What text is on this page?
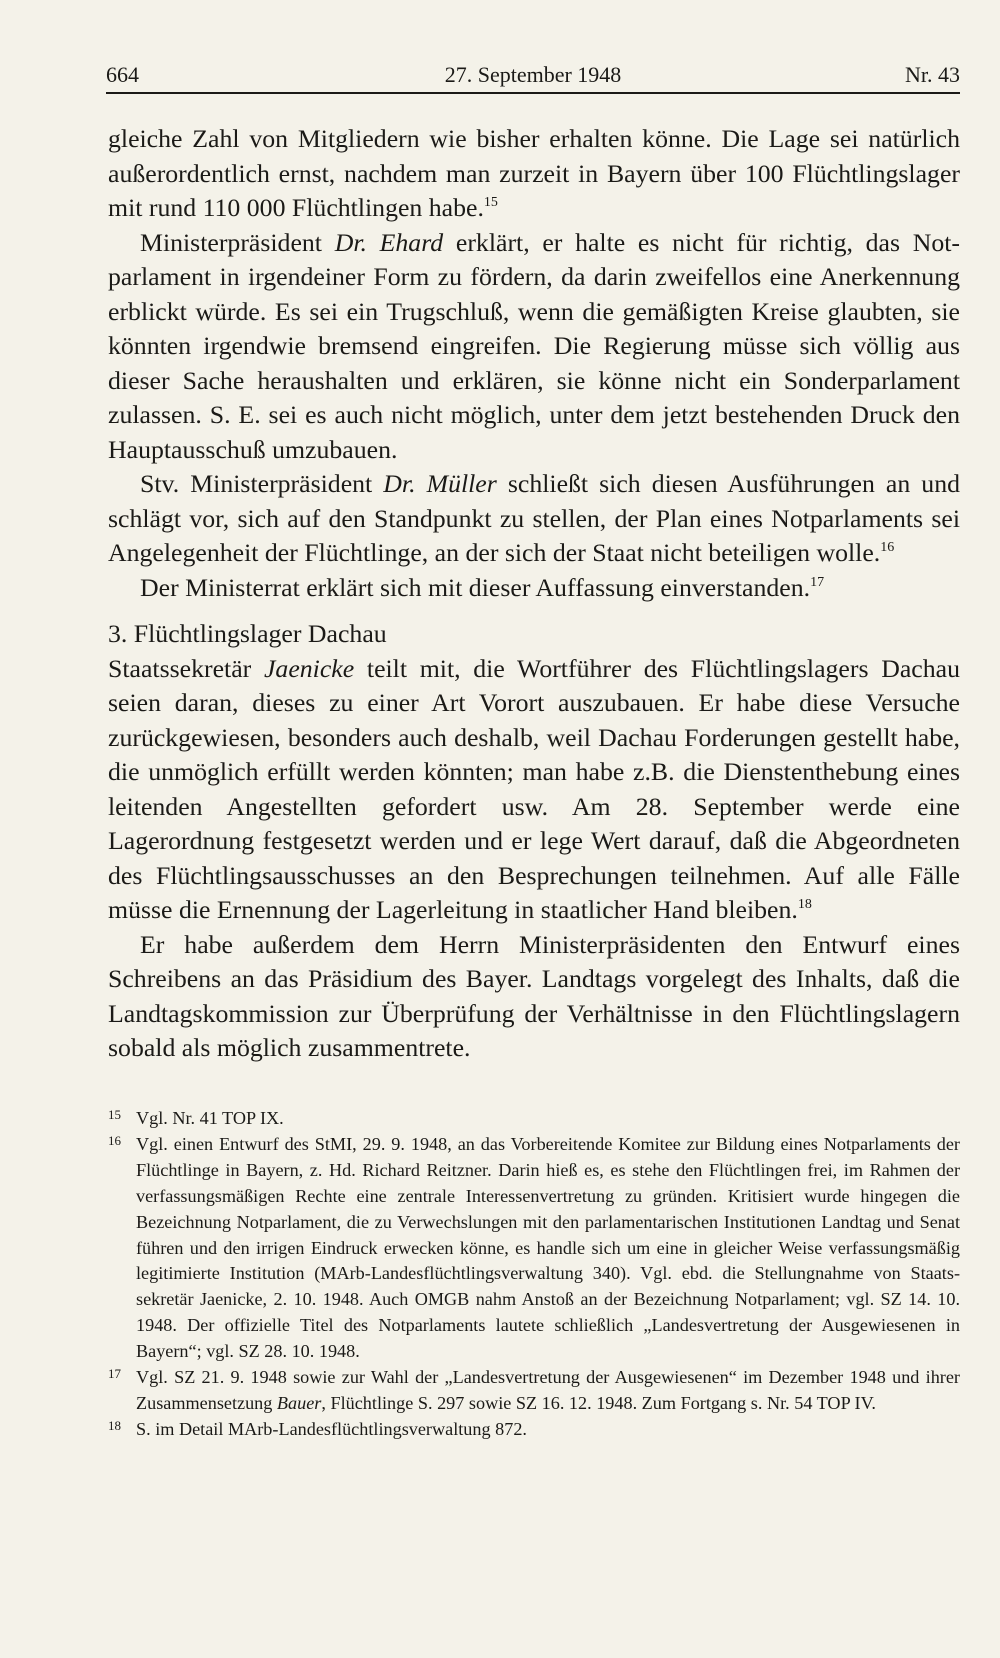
664	27. September 1948	Nr. 43

gleiche Zahl von Mitgliedern wie bisher erhalten könne. Die Lage sei natürlich außerordentlich ernst, nachdem man zurzeit in Bayern über 100 Flüchtlingslager mit rund 110 000 Flüchtlingen habe.$^{15}$

Ministerpräsident Dr. Ehard erklärt, er halte es nicht für richtig, das Notparlament in irgendeiner Form zu fördern, da darin zweifellos eine Anerkennung erblickt würde. Es sei ein Trugschluß, wenn die gemäßigten Kreise glaubten, sie könnten irgendwie bremsend eingreifen. Die Regierung müsse sich völlig aus dieser Sache heraushalten und erklären, sie könne nicht ein Sonderparlament zulassen. S. E. sei es auch nicht möglich, unter dem jetzt bestehenden Druck den Hauptausschuß umzubauen.

Stv. Ministerpräsident Dr. Müller schließt sich diesen Ausführungen an und schlägt vor, sich auf den Standpunkt zu stellen, der Plan eines Notparlaments sei Angelegenheit der Flüchtlinge, an der sich der Staat nicht beteiligen wolle.$^{16}$

Der Ministerrat erklärt sich mit dieser Auffassung einverstanden.$^{17}$

3. Flüchtlingslager Dachau

Staatssekretär Jaenicke teilt mit, die Wortführer des Flüchtlingslagers Dachau seien daran, dieses zu einer Art Vorort auszubauen. Er habe diese Versuche zurückgewiesen, besonders auch deshalb, weil Dachau Forderungen gestellt habe, die unmöglich erfüllt werden könnten; man habe z.B. die Dienstenthebung eines leitenden Angestellten gefordert usw. Am 28. September werde eine Lagerordnung festgesetzt werden und er lege Wert darauf, daß die Abgeordneten des Flüchtlingsausschusses an den Besprechungen teilnehmen. Auf alle Fälle müsse die Ernennung der Lagerleitung in staatlicher Hand bleiben.$^{18}$

Er habe außerdem dem Herrn Ministerpräsidenten den Entwurf eines Schreibens an das Präsidium des Bayer. Landtags vorgelegt des Inhalts, daß die Landtagskommission zur Überprüfung der Verhältnisse in den Flüchtlingslagern sobald als möglich zusammentrete.

15 Vgl. Nr. 41 TOP IX.
16 Vgl. einen Entwurf des StMI, 29. 9. 1948, an das Vorbereitende Komitee zur Bildung eines Notparlaments der Flüchtlinge in Bayern, z. Hd. Richard Reitzner. Darin hieß es, es stehe den Flüchtlingen frei, im Rahmen der verfassungsmäßigen Rechte eine zentrale Interessenvertretung zu gründen. Kritisiert wurde hingegen die Bezeichnung Notparlament, die zu Verwechslungen mit den parlamentarischen Institutionen Landtag und Senat führen und den irrigen Eindruck erwecken könne, es handle sich um eine in gleicher Weise verfassungsmäßig legitimierte Institution (MArb-Landesflüchtlingsverwaltung 340). Vgl. ebd. die Stellungnahme von Staatssekretär Jaenicke, 2. 10. 1948. Auch OMGB nahm Anstoß an der Bezeichnung Notparlament; vgl. SZ 14. 10. 1948. Der offizielle Titel des Notparlaments lautete schließlich „Landesvertretung der Ausgewiesenen in Bayern“; vgl. SZ 28. 10. 1948.
17 Vgl. SZ 21. 9. 1948 sowie zur Wahl der „Landesvertretung der Ausgewiesenen“ im Dezember 1948 und ihrer Zusammensetzung Bauer, Flüchtlinge S. 297 sowie SZ 16. 12. 1948. Zum Fortgang s. Nr. 54 TOP IV.
18 S. im Detail MArb-Landesflüchtlingsverwaltung 872.
